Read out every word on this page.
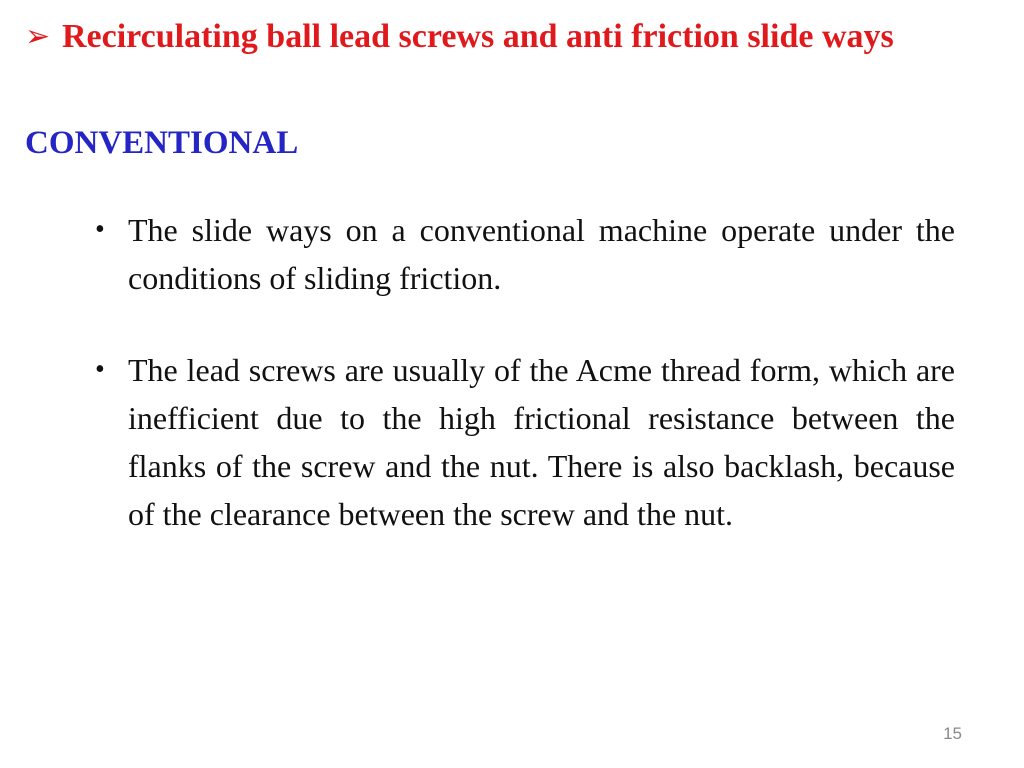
➢ Recirculating ball lead screws and anti friction slide ways
CONVENTIONAL
• The slide ways on a conventional machine operate under the conditions of sliding friction.
• The lead screws are usually of the Acme thread form, which are inefficient due to the high frictional resistance between the flanks of the screw and the nut. There is also backlash, because of the clearance between the screw and the nut.
15
